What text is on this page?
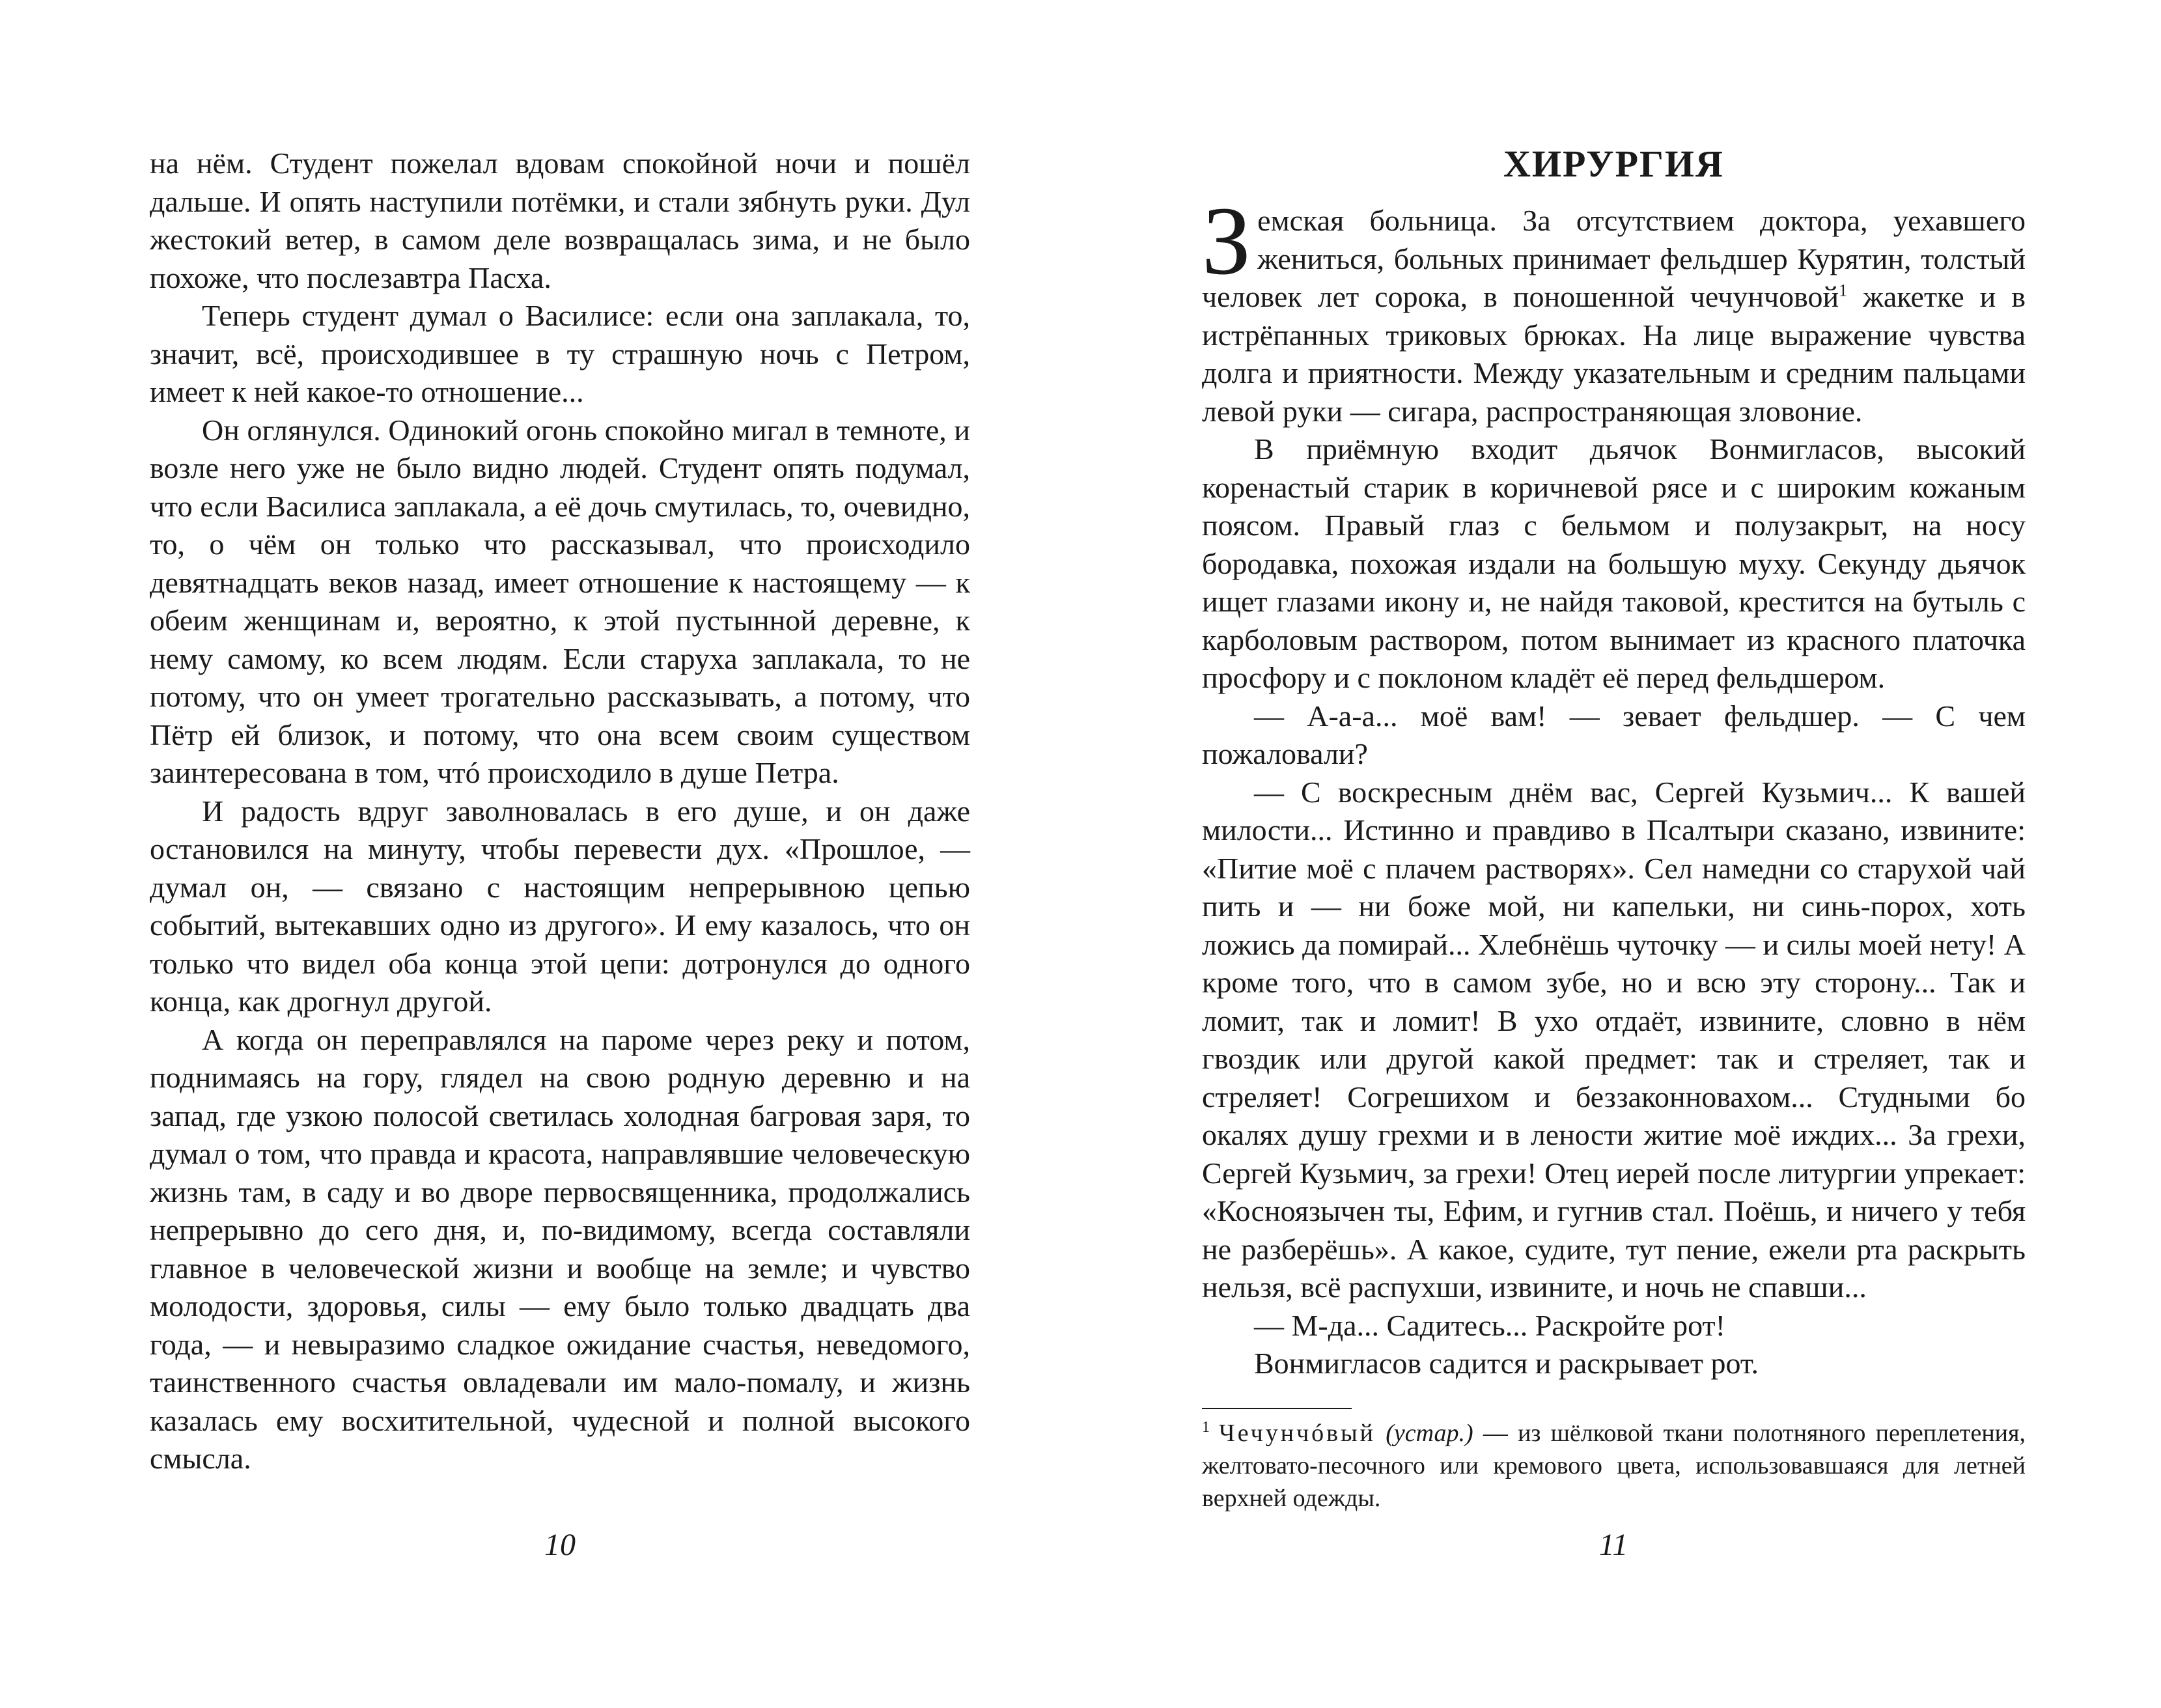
на нём. Студент пожелал вдовам спокойной ночи и пошёл дальше. И опять наступили потёмки, и стали зябнуть руки. Дул жестокий ветер, в самом деле возвращалась зима, и не было похоже, что послезавтра Пасха.

Теперь студент думал о Василисе: если она заплакала, то, значит, всё, происходившее в ту страшную ночь с Петром, имеет к ней какое-то отношение...

Он оглянулся. Одинокий огонь спокойно мигал в темноте, и возле него уже не было видно людей. Студент опять подумал, что если Василиса заплакала, а её дочь смутилась, то, очевидно, то, о чём он только что рассказывал, что происходило девятнадцать веков назад, имеет отношение к настоящему — к обеим женщинам и, вероятно, к этой пустынной деревне, к нему самому, ко всем людям. Если старуха заплакала, то не потому, что он умеет трогательно рассказывать, а потому, что Пётр ей близок, и потому, что она всем своим существом заинтересована в том, чтó происходило в душе Петра.

И радость вдруг заволновалась в его душе, и он даже остановился на минуту, чтобы перевести дух. «Прошлое, — думал он, — связано с настоящим непрерывною цепью событий, вытекавших одно из другого». И ему казалось, что он только что видел оба конца этой цепи: дотронулся до одного конца, как дрогнул другой.

А когда он переправлялся на пароме через реку и потом, поднимаясь на гору, глядел на свою родную деревню и на запад, где узкою полосой светилась холодная багровая заря, то думал о том, что правда и красота, направлявшие человеческую жизнь там, в саду и во дворе первосвященника, продолжались непрерывно до сего дня, и, по-видимому, всегда составляли главное в человеческой жизни и вообще на земле; и чувство молодости, здоровья, силы — ему было только двадцать два года, — и невыразимо сладкое ожидание счастья, неведомого, таинственного счастья овладевали им мало-помалу, и жизнь казалась ему восхитительной, чудесной и полной высокого смысла.

10
ХИРУРГИЯ

Земская больница. За отсутствием доктора, уехавшего жениться, больных принимает фельдшер Курятин, толстый человек лет сорока, в поношенной чечунчовой$^1$ жакетке и в истрёпанных триковых брюках. На лице выражение чувства долга и приятности. Между указательным и средним пальцами левой руки — сигара, распространяющая зловоние.

В приёмную входит дьячок Вонмигласов, высокий коренастый старик в коричневой рясе и с широким кожаным поясом. Правый глаз с бельмом и полузакрыт, на носу бородавка, похожая издали на большую муху. Секунду дьячок ищет глазами икону и, не найдя таковой, крестится на бутыль с карболовым раствором, потом вынимает из красного платочка просфору и с поклоном кладёт её перед фельдшером.

— А-а-а... моё вам! — зевает фельдшер. — С чем пожаловали?

— С воскресным днём вас, Сергей Кузьмич... К вашей милости... Истинно и правдиво в Псалтыри сказано, извините: «Питие моё с плачем растворях». Сел намедни со старухой чай пить и — ни боже мой, ни капельки, ни синь-порох, хоть ложись да помирай... Хлебнёшь чуточку — и силы моей нету! А кроме того, что в самом зубе, но и всю эту сторону... Так и ломит, так и ломит! В ухо отдаёт, извините, словно в нём гвоздик или другой какой предмет: так и стреляет, так и стреляет! Согрешихом и беззаконновахом... Студными бо окалях душу грехми и в лености житие моё иждих... За грехи, Сергей Кузьмич, за грехи! Отец иерей после литургии упрекает: «Косноязычен ты, Ефим, и гугнив стал. Поёшь, и ничего у тебя не разберёшь». А какое, судите, тут пение, ежели рта раскрыть нельзя, всё распухши, извините, и ночь не спавши...

— М-да... Садитесь... Раскройте рот!

Вонмигласов садится и раскрывает рот.

$^1$ Чечунчóвый (устар.) — из шёлковой ткани полотняного переплетения, желтовато-песочного или кремового цвета, использовавшаяся для летней верхней одежды.

11
